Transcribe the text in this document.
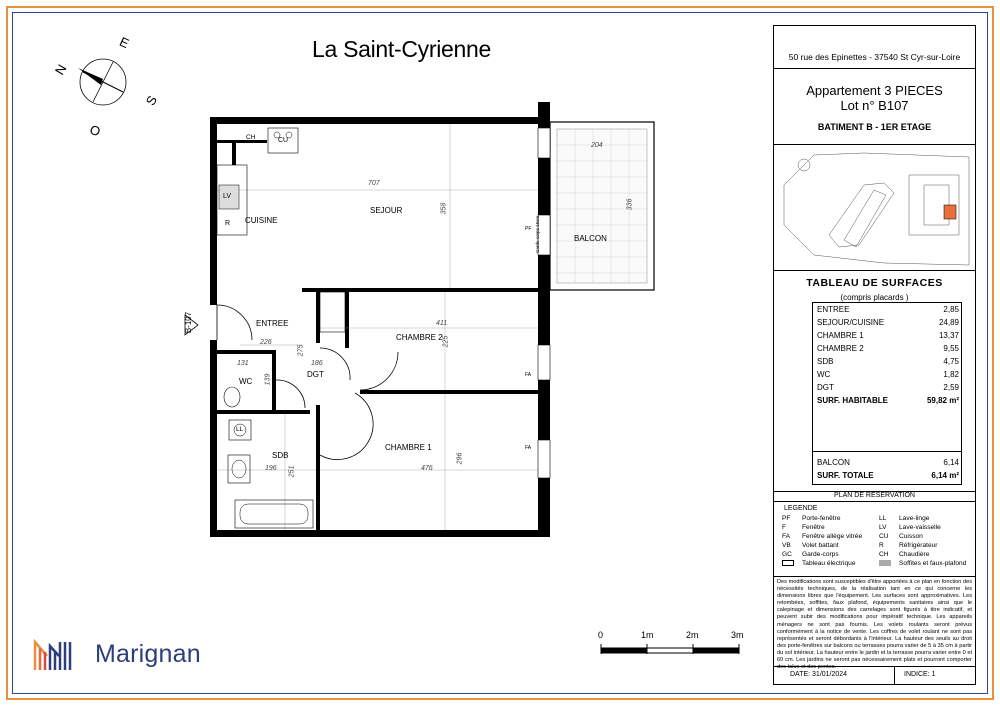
La Saint-Cyrienne
N
E
S
O
CUISINE
SEJOUR
BALCON
ENTREE
CHAMBRE 2
CHAMBRE 1
WC
DGT
SDB
B-107
CH	CU
LV
R
LL
PF
FA
FA
Garde-corps 15cm
707
358
204
336
411
225
275
226
186
131
139
196 251	476
296
0	1m	2m	3m
Marignan
50 rue des Epinettes - 37540 St Cyr-sur-Loire
Appartement 3 PIECES
Lot n° B107
BATIMENT B - 1ER ETAGE
TABLEAU DE SURFACES
(compris placards )
ENTREE	2,85
SEJOUR/CUISINE	24,89
CHAMBRE 1	13,37
CHAMBRE 2	9,55
SDB	4,75
WC	1,82
DGT	2,59
SURF. HABITABLE	59,82 m²
BALCON	6,14
SURF. TOTALE	6,14 m²
PLAN DE RESERVATION
LEGENDE
PF Porte-fenêtre
F Fenêtre
FA Fenêtre allège vitrée
VB Volet battant
GC Garde-corps
Tableau électrique
LL Lave-linge
LV Lave-vaisselle
CU Cuisson
R Réfrigérateur
CH Chaudière
Soffites et faux-plafond
Des modifications sont susceptibles d'être apportées à ce plan en fonction des nécessités techniques, de la réalisation tant en ce qui concerne les dimensions libres que l'équipement. Les surfaces sont approximatives. Les retombées, soffites, faux plafond, équipements sanitaires ainsi que le calepinage et dimensions des carrelages sont figurés à titre indicatif, et peuvent subir des modifications pour impératif technique. Les appareils ménagers ne sont pas fournis. Les volets roulants seront prévus conformément à la notice de vente. Les coffres de volet roulant ne sont pas représentés et seront débordants à l'intérieur. La hauteur des seuils au droit des porte-fenêtres sur balcons ou terrasses pourra varier de 5 à 35 cm à partir du sol intérieur. La hauteur entre le jardin et la terrasse pourra varier entre 0 et 60 cm. Les jardins ne seront pas nécessairement plats et pourront comporter des talus et des pentes.
DATE: 31/01/2024	INDICE: 1
